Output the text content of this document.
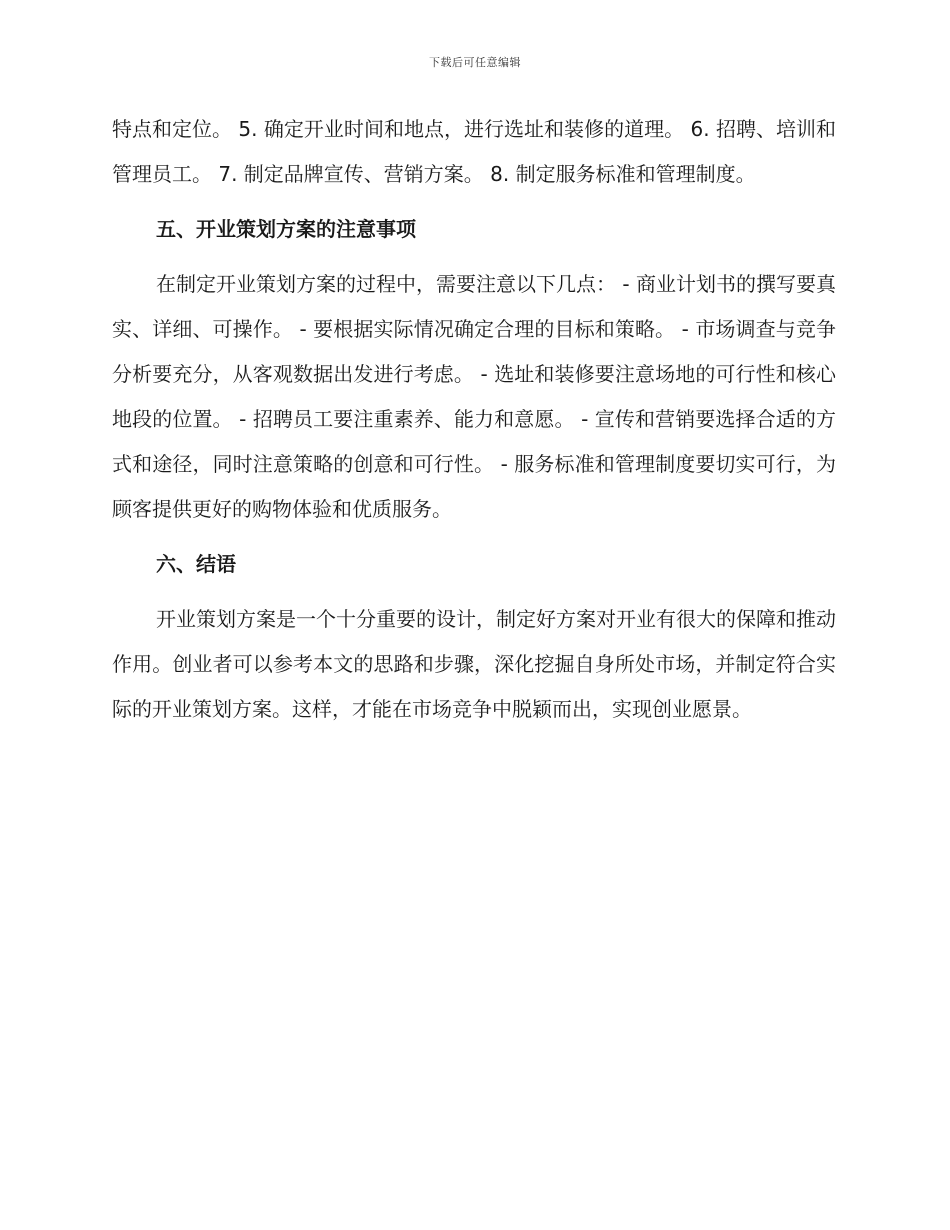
下载后可任意编辑

特点和定位。 5. 确定开业时间和地点，进行选址和装修的道理。 6. 招聘、培训和管理员工。 7. 制定品牌宣传、营销方案。 8. 制定服务标准和管理制度。

五、开业策划方案的注意事项

在制定开业策划方案的过程中，需要注意以下几点： - 商业计划书的撰写要真实、详细、可操作。 - 要根据实际情况确定合理的目标和策略。 - 市场调查与竞争分析要充分，从客观数据出发进行考虑。 - 选址和装修要注意场地的可行性和核心地段的位置。 - 招聘员工要注重素养、能力和意愿。 - 宣传和营销要选择合适的方式和途径，同时注意策略的创意和可行性。 - 服务标准和管理制度要切实可行，为顾客提供更好的购物体验和优质服务。

六、结语

开业策划方案是一个十分重要的设计，制定好方案对开业有很大的保障和推动作用。创业者可以参考本文的思路和步骤，深化挖掘自身所处市场，并制定符合实际的开业策划方案。这样，才能在市场竞争中脱颖而出，实现创业愿景。
